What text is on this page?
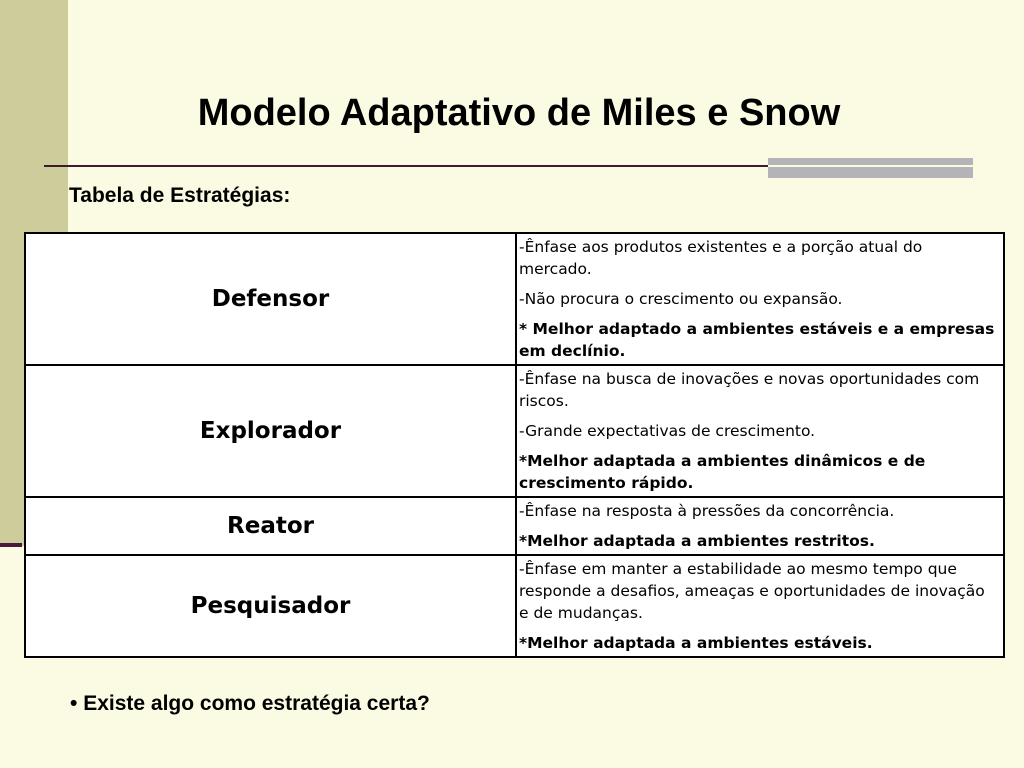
Modelo Adaptativo de Miles e Snow
Tabela de Estratégias:
Defensor	-Ênfase aos produtos existentes e a porção atual do mercado.

-Não procura o crescimento ou expansão.

* Melhor adaptado a ambientes estáveis e a empresas em declínio.

Explorador	-Ênfase na busca de inovações e novas oportunidades com riscos.

-Grande expectativas de crescimento.

*Melhor adaptada a ambientes dinâmicos e de crescimento rápido.

Reator	-Ênfase na resposta à pressões da concorrência.

*Melhor adaptada a ambientes restritos.

Pesquisador	-Ênfase em manter a estabilidade ao mesmo tempo que responde a desafios, ameaças e oportunidades de inovação e de mudanças.

*Melhor adaptada a ambientes estáveis.

• Existe algo como estratégia certa?
